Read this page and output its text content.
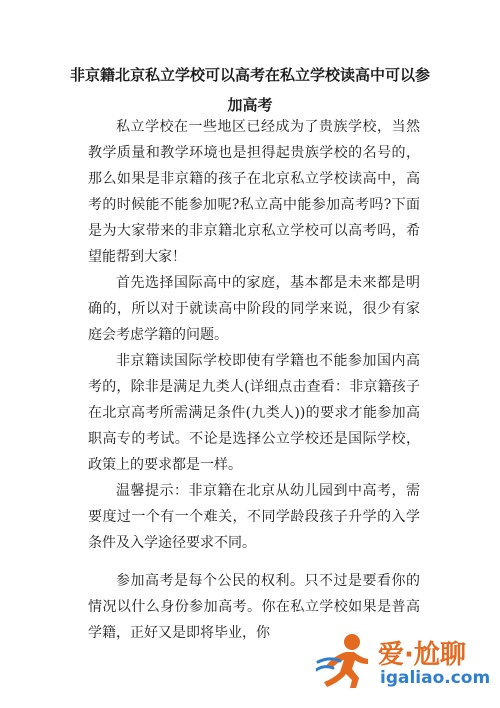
非京籍北京私立学校可以高考在私立学校读高中可以参加高考

私立学校在一些地区已经成为了贵族学校，当然教学质量和教学环境也是担得起贵族学校的名号的，那么如果是非京籍的孩子在北京私立学校读高中，高考的时候能不能参加呢?私立高中能参加高考吗?下面是为大家带来的非京籍北京私立学校可以高考吗，希望能帮到大家！

首先选择国际高中的家庭，基本都是未来都是明确的，所以对于就读高中阶段的同学来说，很少有家庭会考虑学籍的问题。

非京籍读国际学校即使有学籍也不能参加国内高考的，除非是满足九类人(详细点击查看：非京籍孩子在北京高考所需满足条件(九类人))的要求才能参加高职高专的考试。不论是选择公立学校还是国际学校，政策上的要求都是一样。

温馨提示：非京籍在北京从幼儿园到中高考，需要度过一个有一个难关，不同学龄段孩子升学的入学条件及入学途径要求不同。

参加高考是每个公民的权利。只不过是要看你的情况以什么身份参加高考。你在私立学校如果是普高学籍，正好又是即将毕业，你

爱·尬聊
igaliao.com
